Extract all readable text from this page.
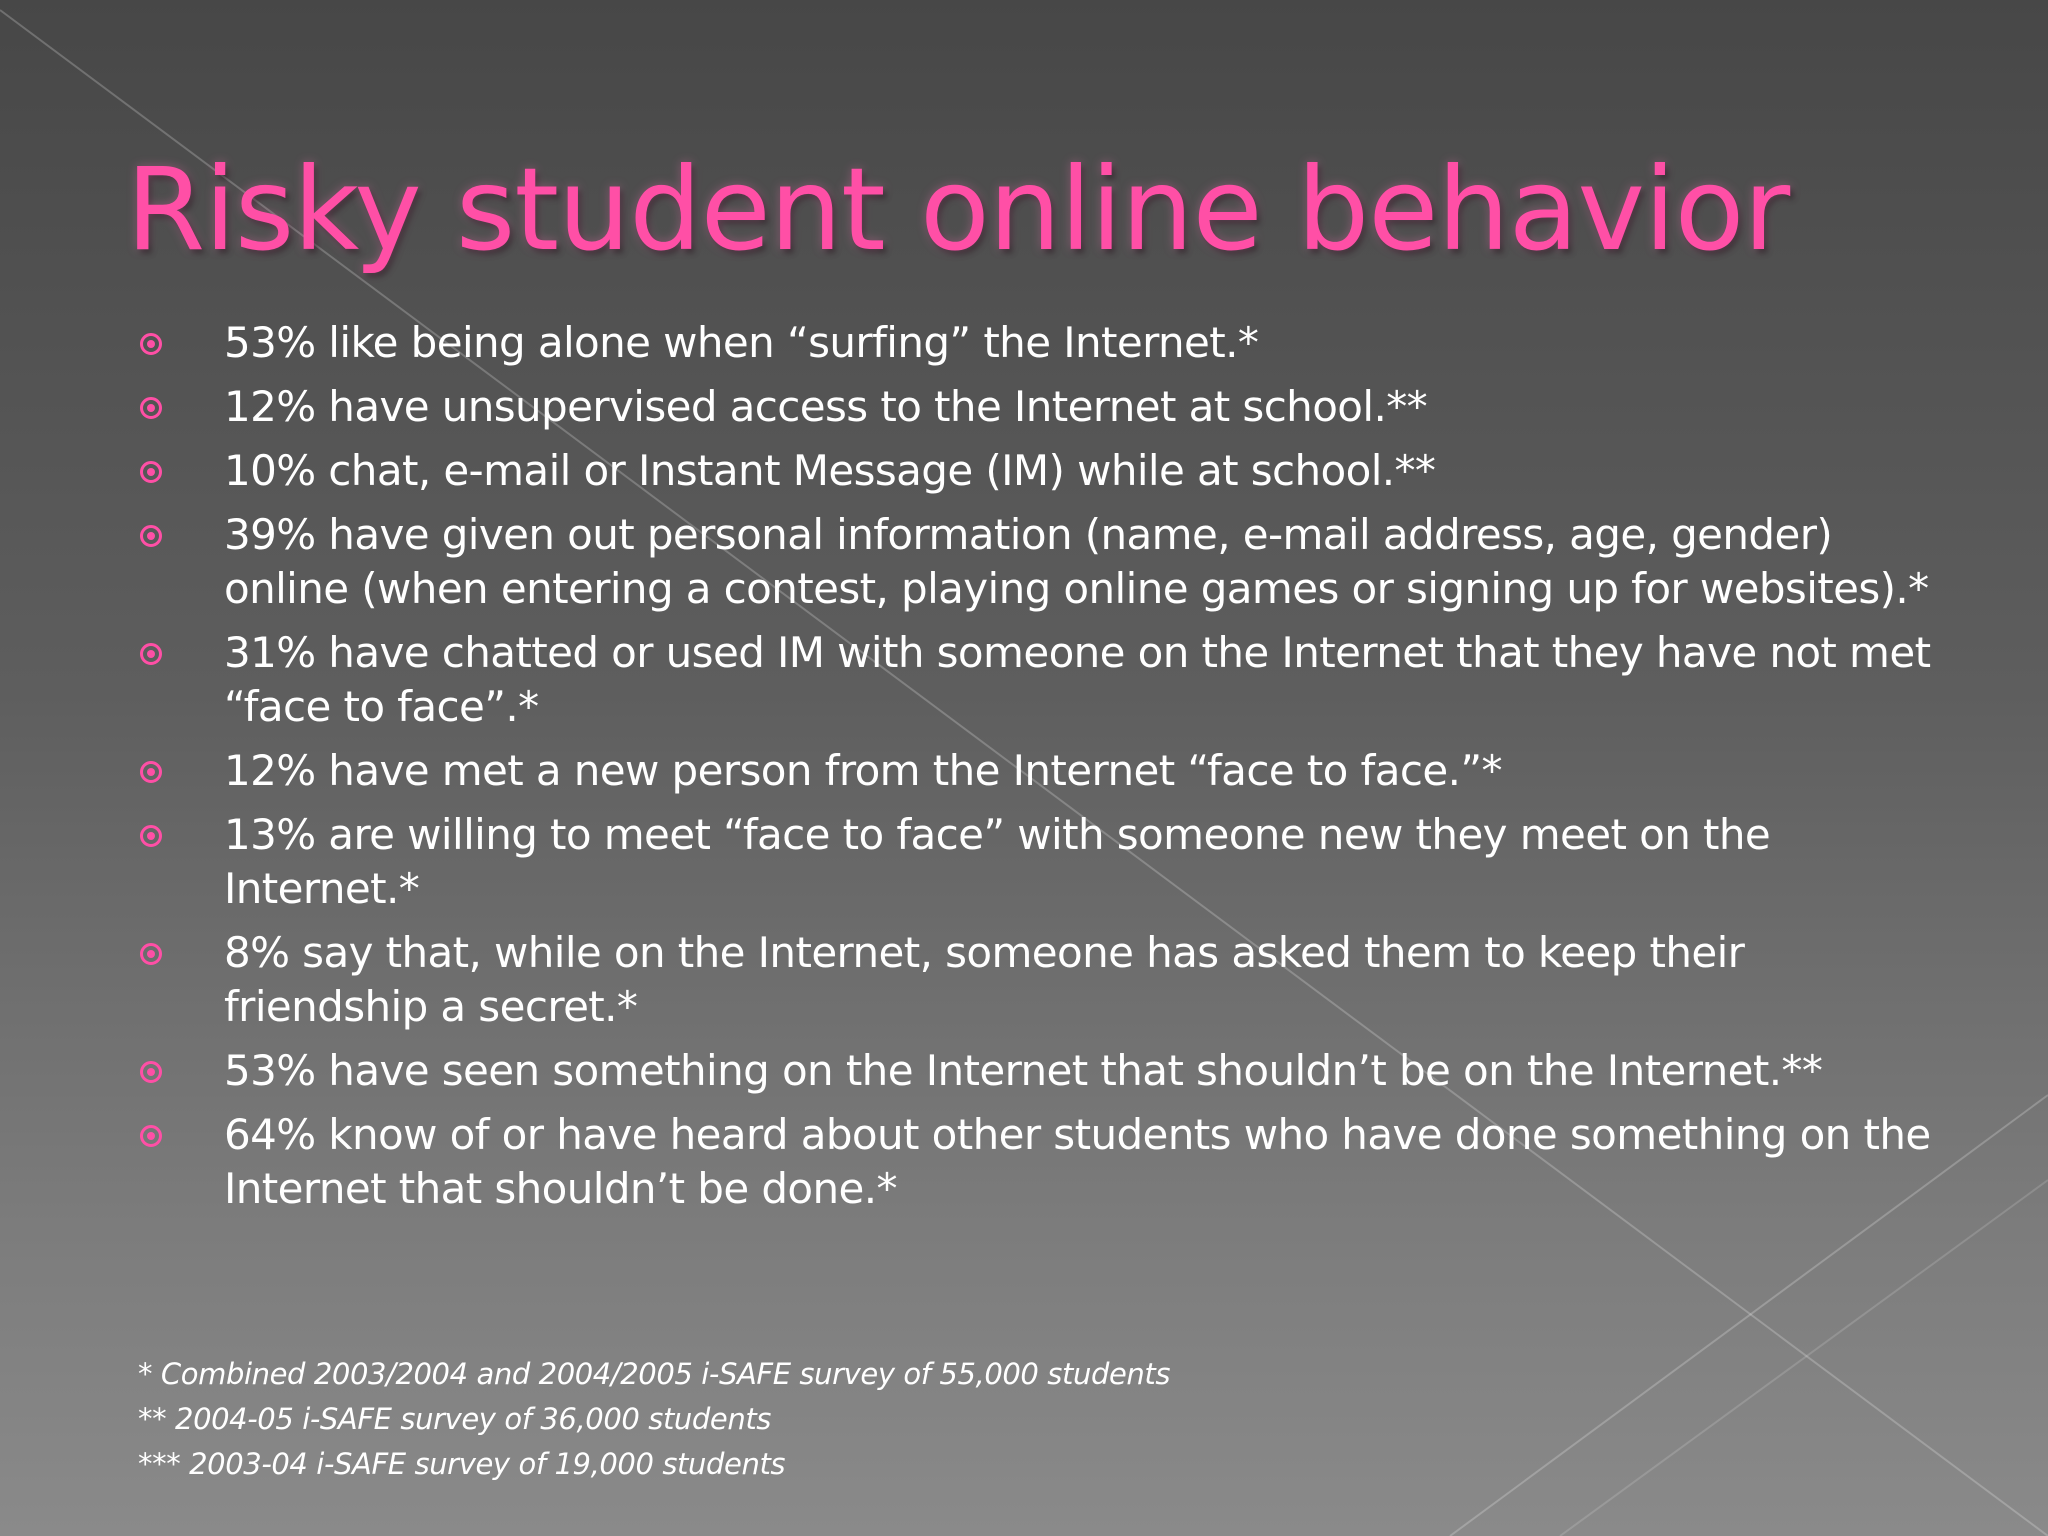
Risky student online behavior
53% like being alone when “surfing” the Internet.*
12% have unsupervised access to the Internet at school.**
10% chat, e-mail or Instant Message (IM) while at school.**
39% have given out personal information (name, e-mail address, age, gender) online (when entering a contest, playing online games or signing up for websites).*
31% have chatted or used IM with someone on the Internet that they have not met “face to face”.*
12% have met a new person from the Internet “face to face.”*
13% are willing to meet “face to face” with someone new they meet on the Internet.*
8% say that, while on the Internet, someone has asked them to keep their friendship a secret.*
53% have seen something on the Internet that shouldn’t be on the Internet.**
64% know of or have heard about other students who have done something on the Internet that shouldn’t be done.*
* Combined 2003/2004 and 2004/2005 i-SAFE survey of 55,000 students
** 2004-05 i-SAFE survey of 36,000 students
*** 2003-04 i-SAFE survey of 19,000 students
